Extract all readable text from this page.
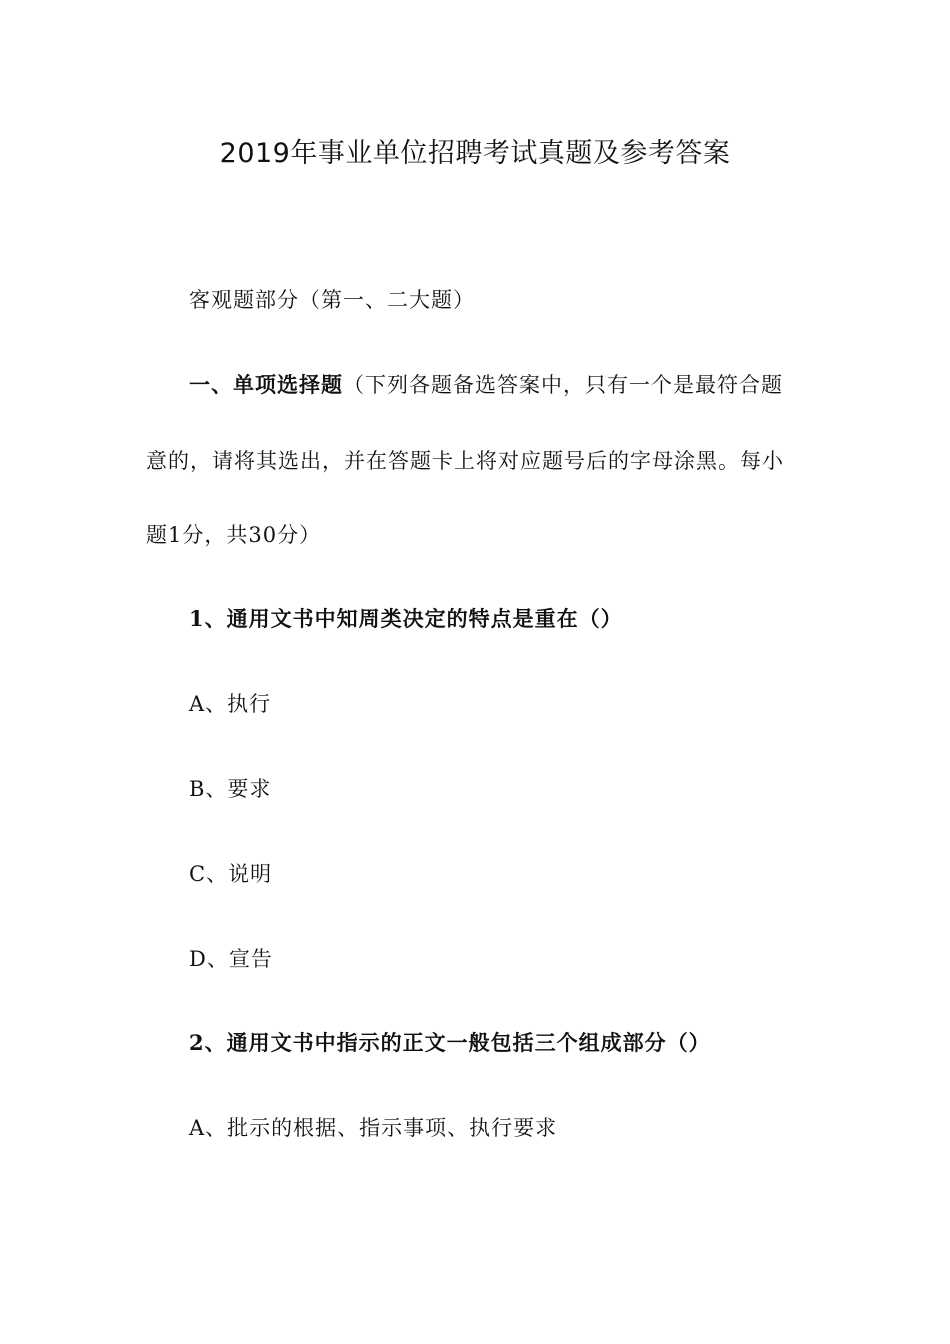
2019年事业单位招聘考试真题及参考答案
客观题部分（第一、二大题）
一、单项选择题（下列各题备选答案中，只有一个是最符合题
意的，请将其选出，并在答题卡上将对应题号后的字母涂黑。每小
题1分，共30分）
1、通用文书中知周类决定的特点是重在（）
A、执行
B、要求
C、说明
D、宣告
2、通用文书中指示的正文一般包括三个组成部分（）
A、批示的根据、指示事项、执行要求
